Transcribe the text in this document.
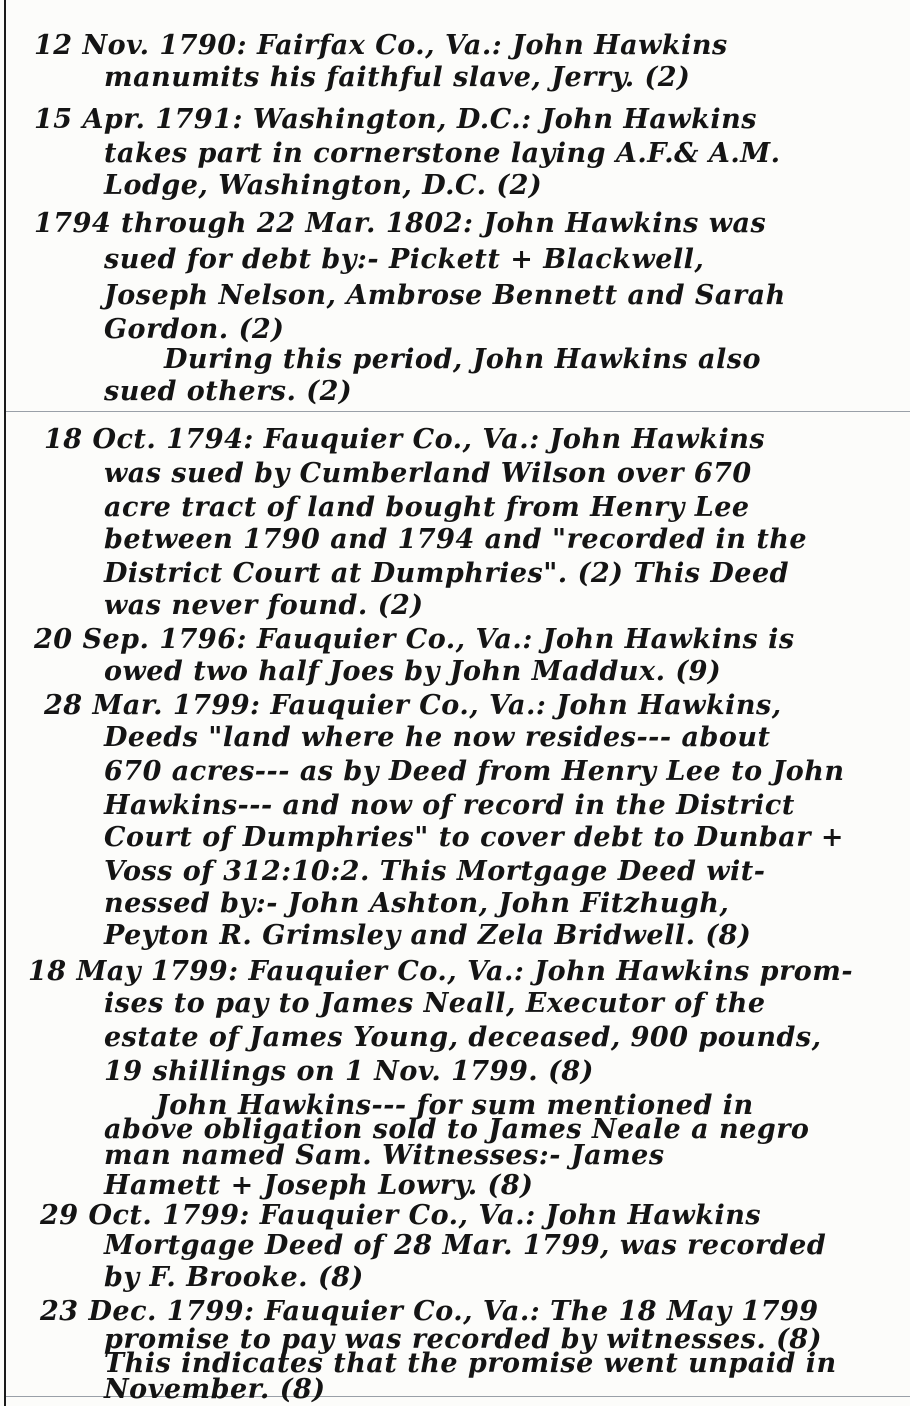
12 Nov. 1790: Fairfax Co., Va.: John Hawkins
manumits his faithful slave, Jerry. (2)
15 Apr. 1791: Washington, D.C.: John Hawkins
takes part in cornerstone laying A.F.& A.M.
Lodge, Washington, D.C. (2)
1794 through 22 Mar. 1802: John Hawkins was
sued for debt by:- Pickett + Blackwell,
Joseph Nelson, Ambrose Bennett and Sarah
Gordon. (2)
During this period, John Hawkins also
sued others. (2)
18 Oct. 1794: Fauquier Co., Va.: John Hawkins
was sued by Cumberland Wilson over 670
acre tract of land bought from Henry Lee
between 1790 and 1794 and "recorded in the
District Court at Dumphries". (2) This Deed
was never found. (2)
20 Sep. 1796: Fauquier Co., Va.: John Hawkins is
owed two half Joes by John Maddux. (9)
28 Mar. 1799: Fauquier Co., Va.: John Hawkins,
Deeds "land where he now resides--- about
670 acres--- as by Deed from Henry Lee to John
Hawkins--- and now of record in the District
Court of Dumphries" to cover debt to Dunbar +
Voss of 312:10:2. This Mortgage Deed wit-
nessed by:- John Ashton, John Fitzhugh,
Peyton R. Grimsley and Zela Bridwell. (8)
18 May 1799: Fauquier Co., Va.: John Hawkins prom-
ises to pay to James Neall, Executor of the
estate of James Young, deceased, 900 pounds,
19 shillings on 1 Nov. 1799. (8)
John Hawkins--- for sum mentioned in
above obligation sold to James Neale a negro
man named Sam. Witnesses:- James
Hamett + Joseph Lowry. (8)
29 Oct. 1799: Fauquier Co., Va.: John Hawkins
Mortgage Deed of 28 Mar. 1799, was recorded
by F. Brooke. (8)
23 Dec. 1799: Fauquier Co., Va.: The 18 May 1799
promise to pay was recorded by witnesses. (8)
This indicates that the promise went unpaid in
November. (8)
